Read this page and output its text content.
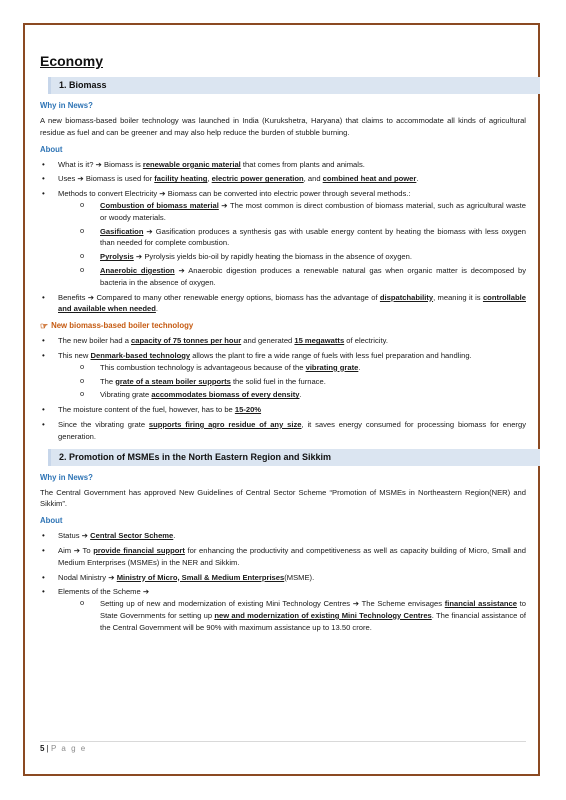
Economy
1. Biomass
Why in News?

A new biomass-based boiler technology was launched in India (Kurukshetra, Haryana) that claims to accommodate all kinds of agricultural residue as fuel and can be greener and may also help reduce the burden of stubble burning.

About
• What is it? ➔ Biomass is renewable organic material that comes from plants and animals.
• Uses ➔ Biomass is used for facility heating, electric power generation, and combined heat and power.
• Methods to convert Electricity ➔ Biomass can be converted into electric power through several methods.:
o Combustion of biomass material ➔ The most common is direct combustion of biomass material, such as agricultural waste or woody materials.
o Gasification ➔ Gasification produces a synthesis gas with usable energy content by heating the biomass with less oxygen than needed for complete combustion.
o Pyrolysis ➔ Pyrolysis yields bio-oil by rapidly heating the biomass in the absence of oxygen.
o Anaerobic digestion ➔ Anaerobic digestion produces a renewable natural gas when organic matter is decomposed by bacteria in the absence of oxygen.
• Benefits ➔ Compared to many other renewable energy options, biomass has the advantage of dispatchability, meaning it is controllable and available when needed.
☞ New biomass-based boiler technology
• The new boiler had a capacity of 75 tonnes per hour and generated 15 megawatts of electricity.
• This new Denmark-based technology allows the plant to fire a wide range of fuels with less fuel preparation and handling.
o This combustion technology is advantageous because of the vibrating grate.
o The grate of a steam boiler supports the solid fuel in the furnace.
o Vibrating grate accommodates biomass of every density.
• The moisture content of the fuel, however, has to be 15-20%
• Since the vibrating grate supports firing agro residue of any size, it saves energy consumed for processing biomass for energy generation.
2. Promotion of MSMEs in the North Eastern Region and Sikkim
Why in News?

The Central Government has approved New Guidelines of Central Sector Scheme “Promotion of MSMEs in Northeastern Region(NER) and Sikkim”.

About
• Status ➔ Central Sector Scheme.
• Aim ➔ To provide financial support for enhancing the productivity and competitiveness as well as capacity building of Micro, Small and Medium Enterprises (MSMEs) in the NER and Sikkim.
• Nodal Ministry ➔ Ministry of Micro, Small & Medium Enterprises(MSME).
• Elements of the Scheme ➔
o Setting up of new and modernization of existing Mini Technology Centres ➔ The Scheme envisages financial assistance to State Governments for setting up new and modernization of existing Mini Technology Centres. The financial assistance of the Central Government will be 90% with maximum assistance up to 13.50 crore.
5 | P a g e
